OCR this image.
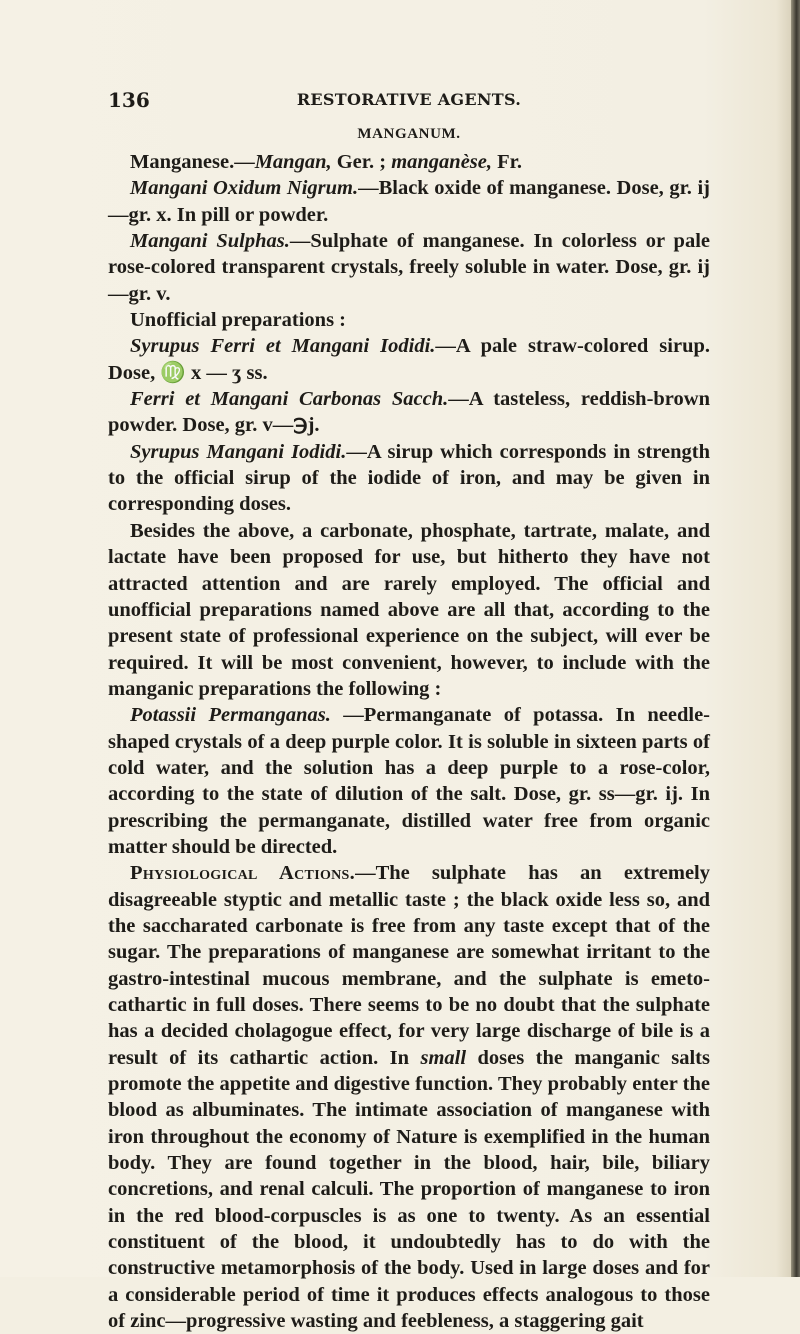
136	RESTORATIVE AGENTS.
MANGANUM.

Manganese.—Mangan, Ger. ; manganèse, Fr.

Mangani Oxidum Nigrum.—Black oxide of manganese. Dose, gr. ij—gr. x. In pill or powder.

Mangani Sulphas.—Sulphate of manganese. In colorless or pale rose-colored transparent crystals, freely soluble in water. Dose, gr. ij—gr. v.

Unofficial preparations :

Syrupus Ferri et Mangani Iodidi.—A pale straw-colored sirup. Dose, ♍ x — ʒ ss.

Ferri et Mangani Carbonas Sacch.—A tasteless, reddish-brown powder. Dose, gr. v—℈j.

Syrupus Mangani Iodidi.—A sirup which corresponds in strength to the official sirup of the iodide of iron, and may be given in corresponding doses.

Besides the above, a carbonate, phosphate, tartrate, malate, and lactate have been proposed for use, but hitherto they have not attracted attention and are rarely employed. The official and unofficial preparations named above are all that, according to the present state of professional experience on the subject, will ever be required. It will be most convenient, however, to include with the manganic preparations the following :

Potassii Permanganas. —Permanganate of potassa. In needle-shaped crystals of a deep purple color. It is soluble in sixteen parts of cold water, and the solution has a deep purple to a rose-color, according to the state of dilution of the salt. Dose, gr. ss—gr. ij. In prescribing the permanganate, distilled water free from organic matter should be directed.

Physiological Actions.—The sulphate has an extremely disagreeable styptic and metallic taste ; the black oxide less so, and the saccharated carbonate is free from any taste except that of the sugar. The preparations of manganese are somewhat irritant to the gastro-intestinal mucous membrane, and the sulphate is emeto-cathartic in full doses. There seems to be no doubt that the sulphate has a decided cholagogue effect, for very large discharge of bile is a result of its cathartic action. In small doses the manganic salts promote the appetite and digestive function. They probably enter the blood as albuminates. The intimate association of manganese with iron throughout the economy of Nature is exemplified in the human body. They are found together in the blood, hair, bile, biliary concretions, and renal calculi. The proportion of manganese to iron in the red blood-corpuscles is as one to twenty. As an essential constituent of the blood, it undoubtedly has to do with the constructive metamorphosis of the body. Used in large doses and for a considerable period of time it produces effects analogous to those of zinc—progressive wasting and feebleness, a staggering gait
